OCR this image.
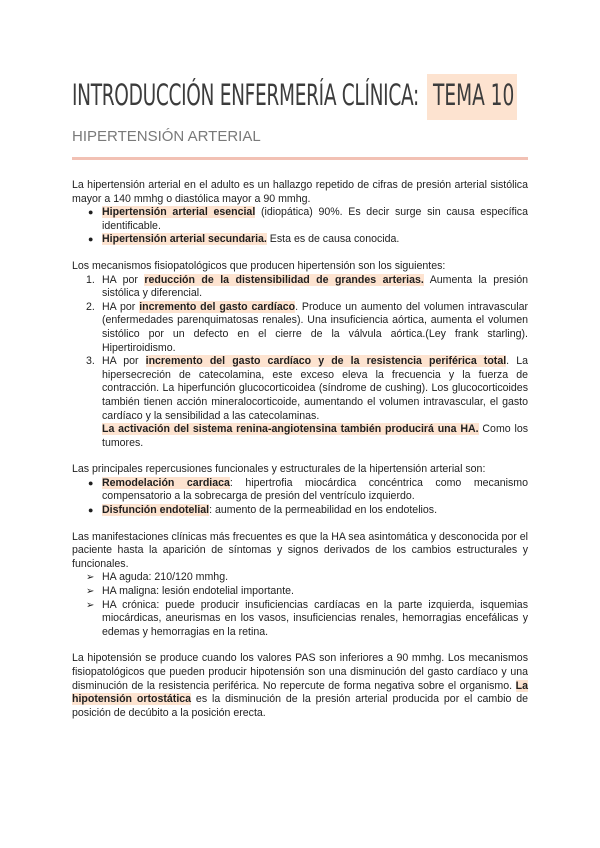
INTRODUCCIÓN ENFERMERÍA CLÍNICA: TEMA 10
HIPERTENSIÓN ARTERIAL

La hipertensión arterial en el adulto es un hallazgo repetido de cifras de presión arterial sistólica mayor a 140 mmhg o diastólica mayor a 90 mmhg.

● Hipertensión arterial esencial (idiopática) 90%. Es decir surge sin causa específica identificable.
● Hipertensión arterial secundaria. Esta es de causa conocida.

Los mecanismos fisiopatológicos que producen hipertensión son los siguientes:

1. HA por reducción de la distensibilidad de grandes arterias. Aumenta la presión sistólica y diferencial.
2. HA por incremento del gasto cardíaco. Produce un aumento del volumen intravascular (enfermedades parenquimatosas renales). Una insuficiencia aórtica, aumenta el volumen sistólico por un defecto en el cierre de la válvula aórtica.(Ley frank starling). Hipertiroidismo.
3. HA por incremento del gasto cardíaco y de la resistencia periférica total. La hipersecreción de catecolamina, este exceso eleva la frecuencia y la fuerza de contracción. La hiperfunción glucocorticoidea (síndrome de cushing). Los glucocorticoides también tienen acción mineralocorticoide, aumentando el volumen intravascular, el gasto cardíaco y la sensibilidad a las catecolaminas.
La activación del sistema renina-angiotensina también producirá una HA. Como los tumores.

Las principales repercusiones funcionales y estructurales de la hipertensión arterial son:

● Remodelación cardiaca: hipertrofia miocárdica concéntrica como mecanismo compensatorio a la sobrecarga de presión del ventrículo izquierdo.
● Disfunción endotelial: aumento de la permeabilidad en los endotelios.

Las manifestaciones clínicas más frecuentes es que la HA sea asintomática y desconocida por el paciente hasta la aparición de síntomas y signos derivados de los cambios estructurales y funcionales.

➢ HA aguda: 210/120 mmhg.
➢ HA maligna: lesión endotelial importante.
➢ HA crónica: puede producir insuficiencias cardíacas en la parte izquierda, isquemias miocárdicas, aneurismas en los vasos, insuficiencias renales, hemorragias encefálicas y edemas y hemorragias en la retina.

La hipotensión se produce cuando los valores PAS son inferiores a 90 mmhg. Los mecanismos fisiopatológicos que pueden producir hipotensión son una disminución del gasto cardíaco y una disminución de la resistencia periférica. No repercute de forma negativa sobre el organismo. La hipotensión ortostática es la disminución de la presión arterial producida por el cambio de posición de decúbito a la posición erecta.
